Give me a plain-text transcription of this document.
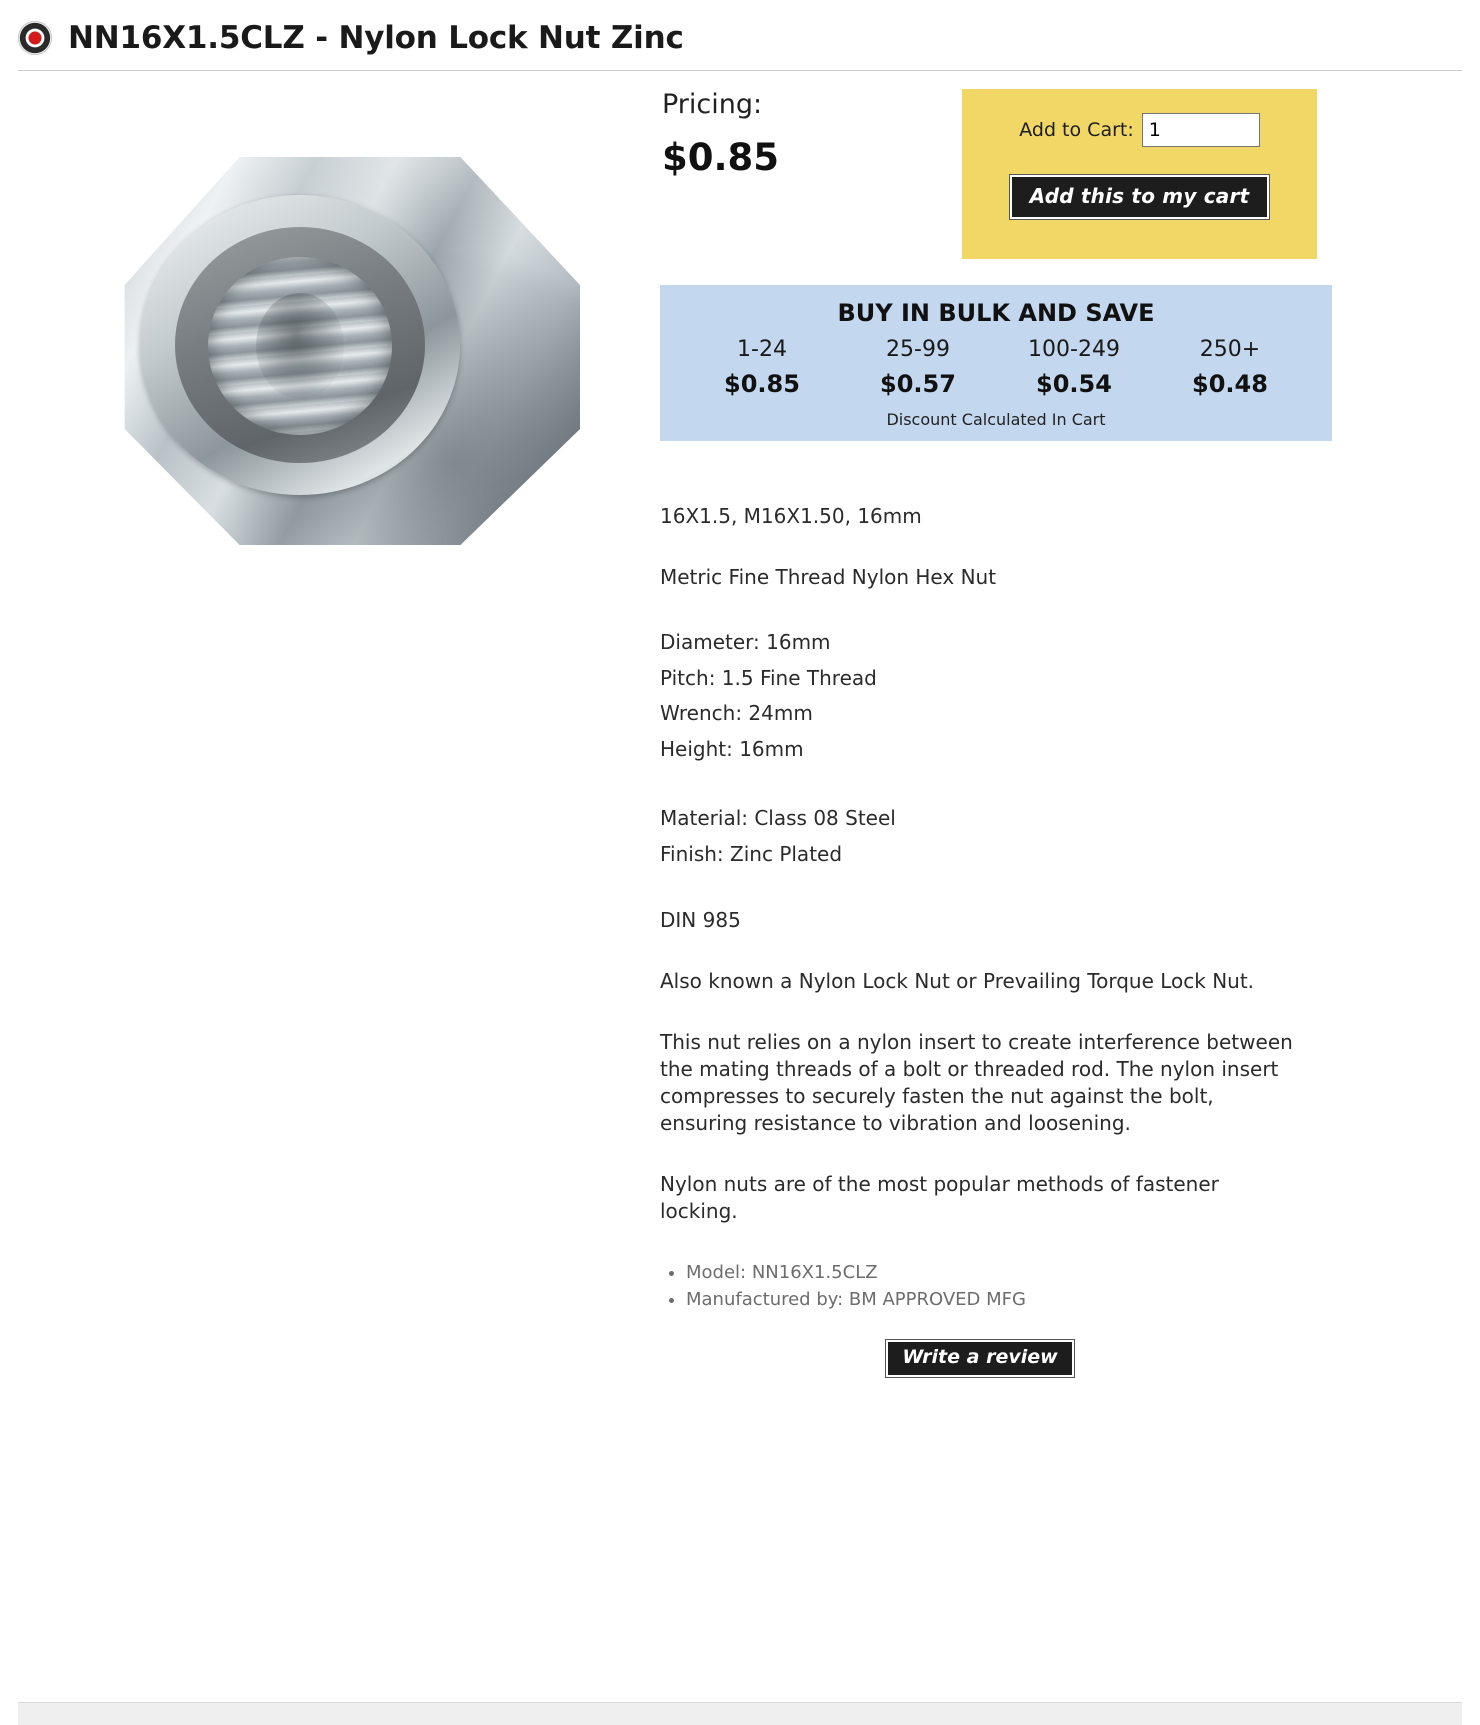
NN16X1.5CLZ - Nylon Lock Nut Zinc
Pricing:
$0.85
Add to Cart:
1
Add this to my cart
BUY IN BULK AND SAVE
1-24
$0.85
25-99
$0.57
100-249
$0.54
250+
$0.48
Discount Calculated In Cart

16X1.5, M16X1.50, 16mm

Metric Fine Thread Nylon Hex Nut

Diameter: 16mm

Pitch: 1.5 Fine Thread

Wrench: 24mm

Height: 16mm

Material: Class 08 Steel

Finish: Zinc Plated

DIN 985

Also known a Nylon Lock Nut or Prevailing Torque Lock Nut.

This nut relies on a nylon insert to create interference between the mating threads of a bolt or threaded rod. The nylon insert compresses to securely fasten the nut against the bolt, ensuring resistance to vibration and loosening.

Nylon nuts are of the most popular methods of fastener locking.

• Model: NN16X1.5CLZ
• Manufactured by: BM APPROVED MFG
Write a review
